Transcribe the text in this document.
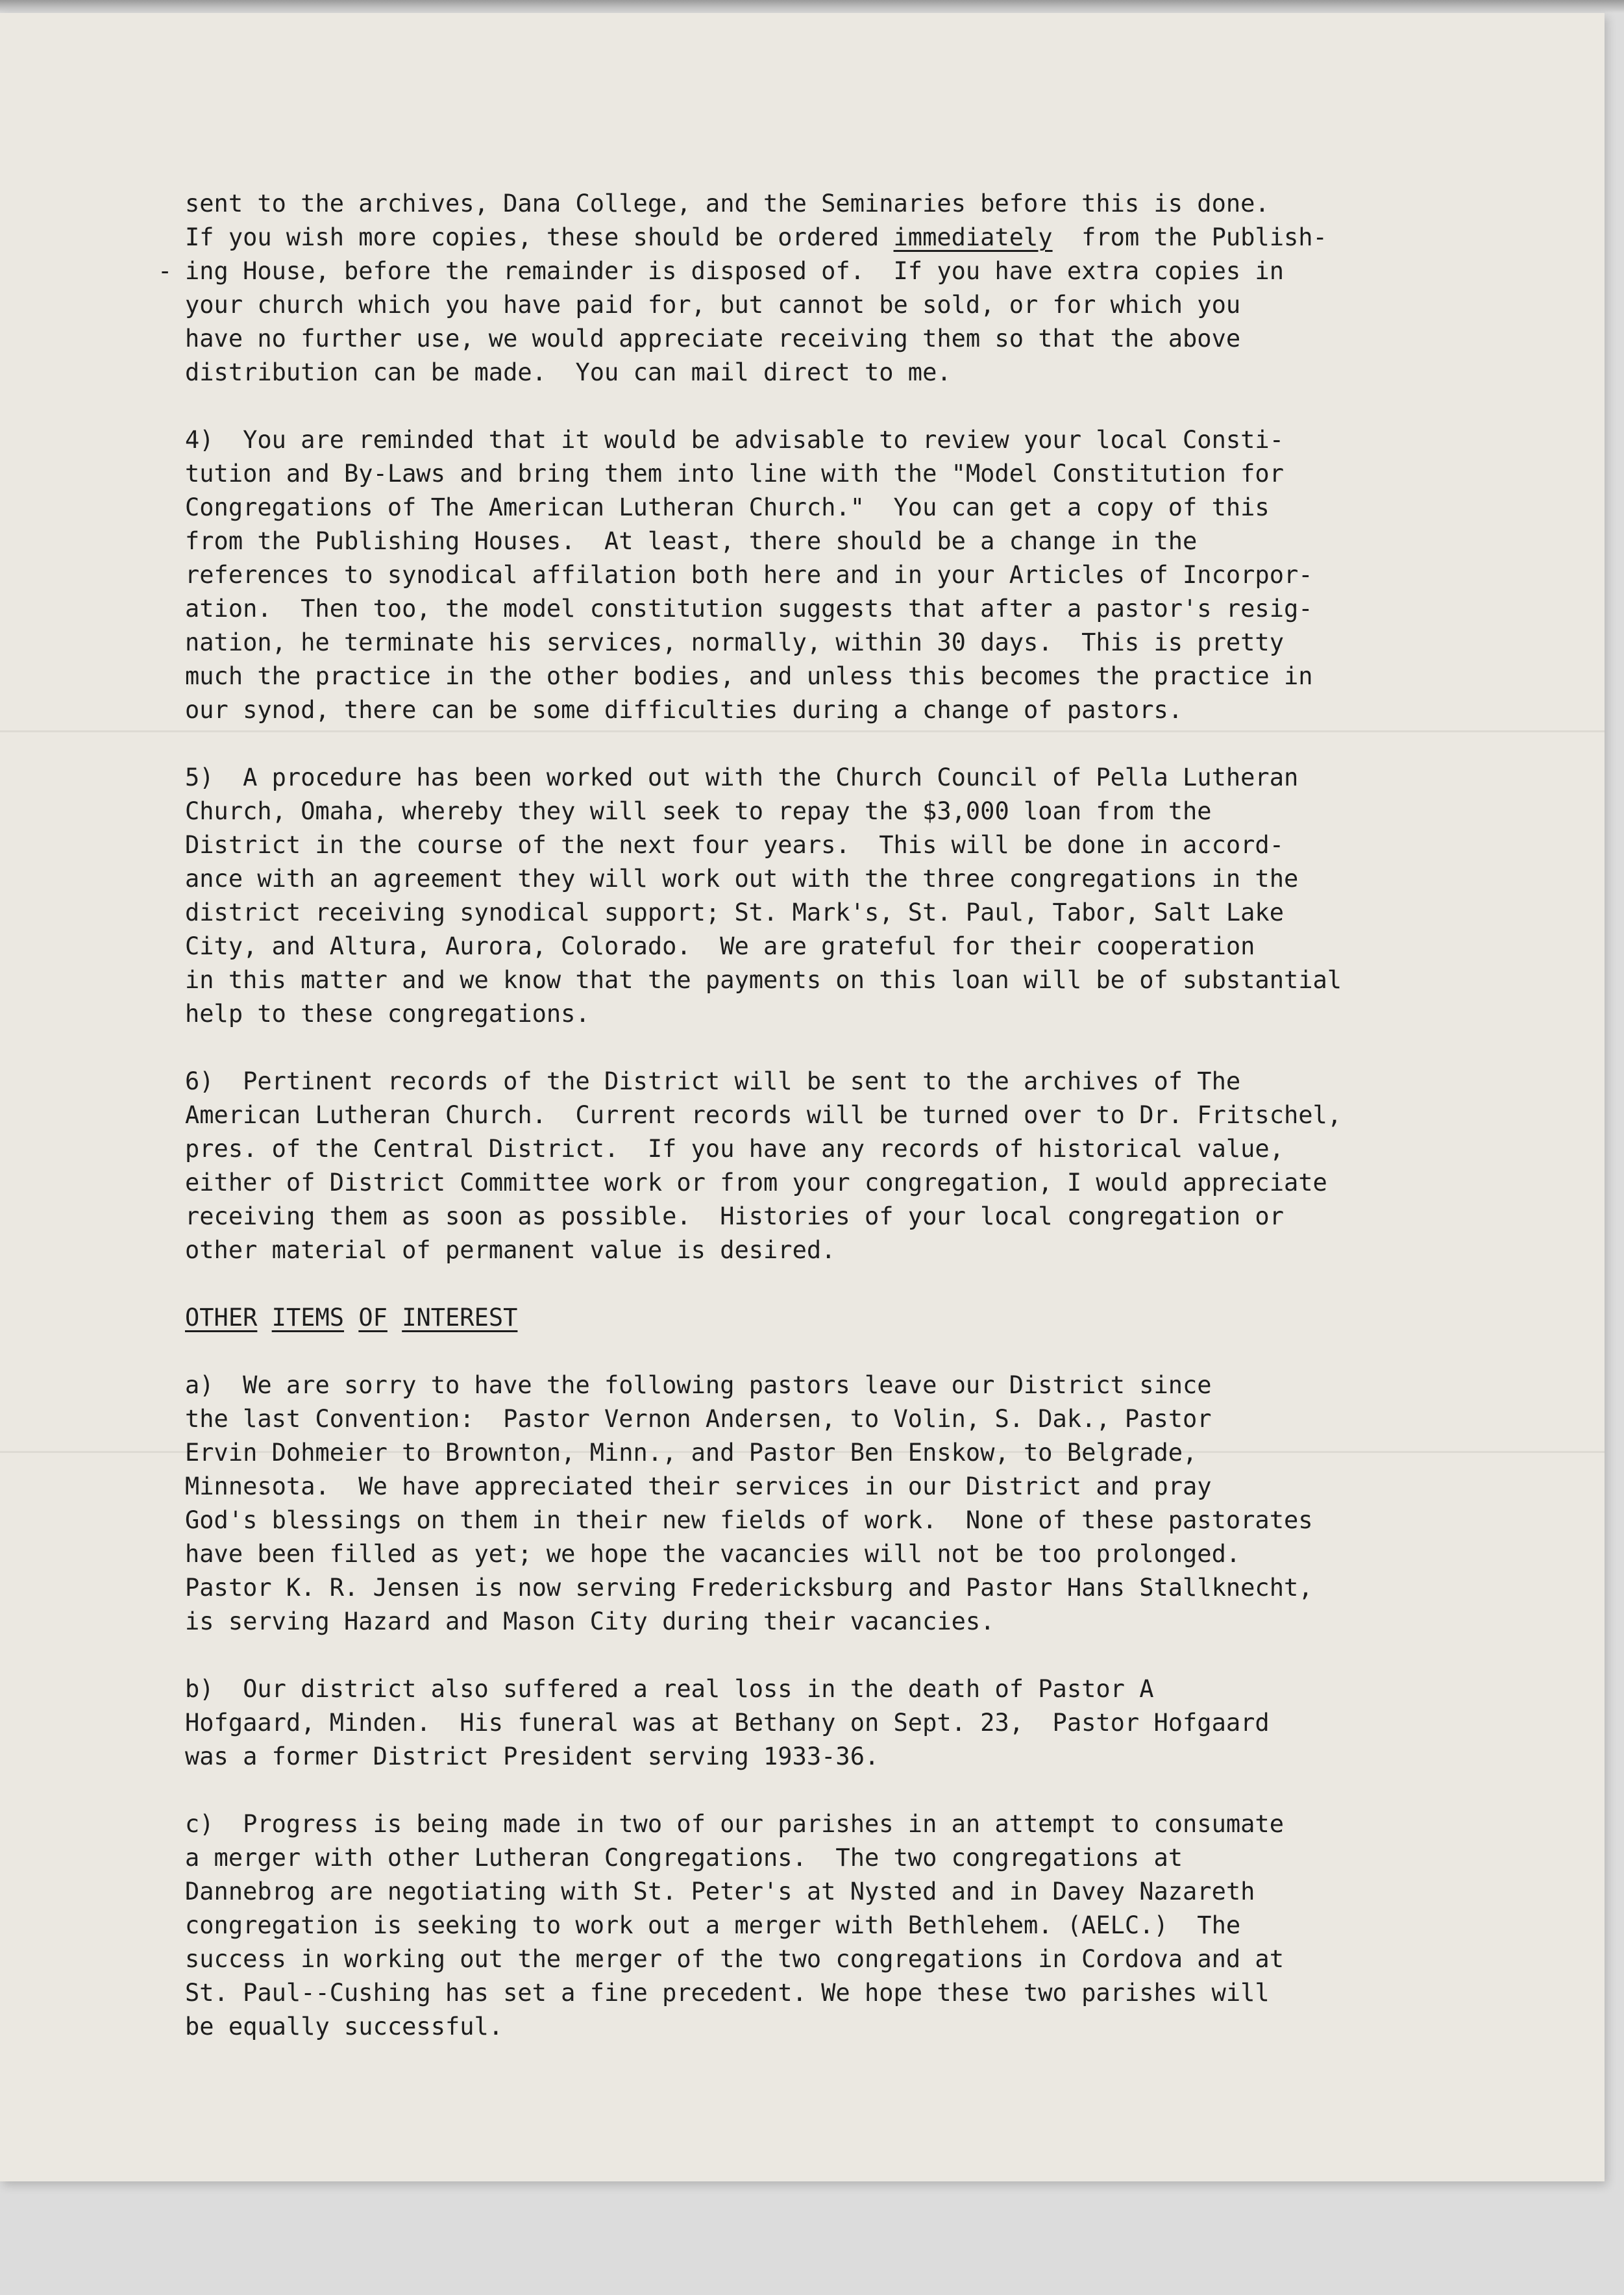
sent to the archives, Dana College, and the Seminaries before this is done.
If you wish more copies, these should be ordered immediately  from the Publish-
- ing House, before the remainder is disposed of.  If you have extra copies in
your church which you have paid for, but cannot be sold, or for which you
have no further use, we would appreciate receiving them so that the above
distribution can be made.  You can mail direct to me.
4)  You are reminded that it would be advisable to review your local Consti-
tution and By-Laws and bring them into line with the "Model Constitution for
Congregations of The American Lutheran Church."  You can get a copy of this
from the Publishing Houses.  At least, there should be a change in the
references to synodical affilation both here and in your Articles of Incorpor-
ation.  Then too, the model constitution suggests that after a pastor's resig-
nation, he terminate his services, normally, within 30 days.  This is pretty
much the practice in the other bodies, and unless this becomes the practice in
our synod, there can be some difficulties during a change of pastors.
5)  A procedure has been worked out with the Church Council of Pella Lutheran
Church, Omaha, whereby they will seek to repay the $3,000 loan from the
District in the course of the next four years.  This will be done in accord-
ance with an agreement they will work out with the three congregations in the
district receiving synodical support; St. Mark's, St. Paul, Tabor, Salt Lake
City, and Altura, Aurora, Colorado.  We are grateful for their cooperation
in this matter and we know that the payments on this loan will be of substantial
help to these congregations.
6)  Pertinent records of the District will be sent to the archives of The
American Lutheran Church.  Current records will be turned over to Dr. Fritschel,
pres. of the Central District.  If you have any records of historical value,
either of District Committee work or from your congregation, I would appreciate
receiving them as soon as possible.  Histories of your local congregation or
other material of permanent value is desired.
OTHER ITEMS OF INTEREST
a)  We are sorry to have the following pastors leave our District since
the last Convention:  Pastor Vernon Andersen, to Volin, S. Dak., Pastor
Ervin Dohmeier to Brownton, Minn., and Pastor Ben Enskow, to Belgrade,
Minnesota.  We have appreciated their services in our District and pray
God's blessings on them in their new fields of work.  None of these pastorates
have been filled as yet; we hope the vacancies will not be too prolonged.
Pastor K. R. Jensen is now serving Fredericksburg and Pastor Hans Stallknecht,
is serving Hazard and Mason City during their vacancies.
b)  Our district also suffered a real loss in the death of Pastor A
Hofgaard, Minden.  His funeral was at Bethany on Sept. 23,  Pastor Hofgaard
was a former District President serving 1933-36.
c)  Progress is being made in two of our parishes in an attempt to consumate
a merger with other Lutheran Congregations.  The two congregations at
Dannebrog are negotiating with St. Peter's at Nysted and in Davey Nazareth
congregation is seeking to work out a merger with Bethlehem. (AELC.)  The
success in working out the merger of the two congregations in Cordova and at
St. Paul--Cushing has set a fine precedent. We hope these two parishes will
be equally successful.
